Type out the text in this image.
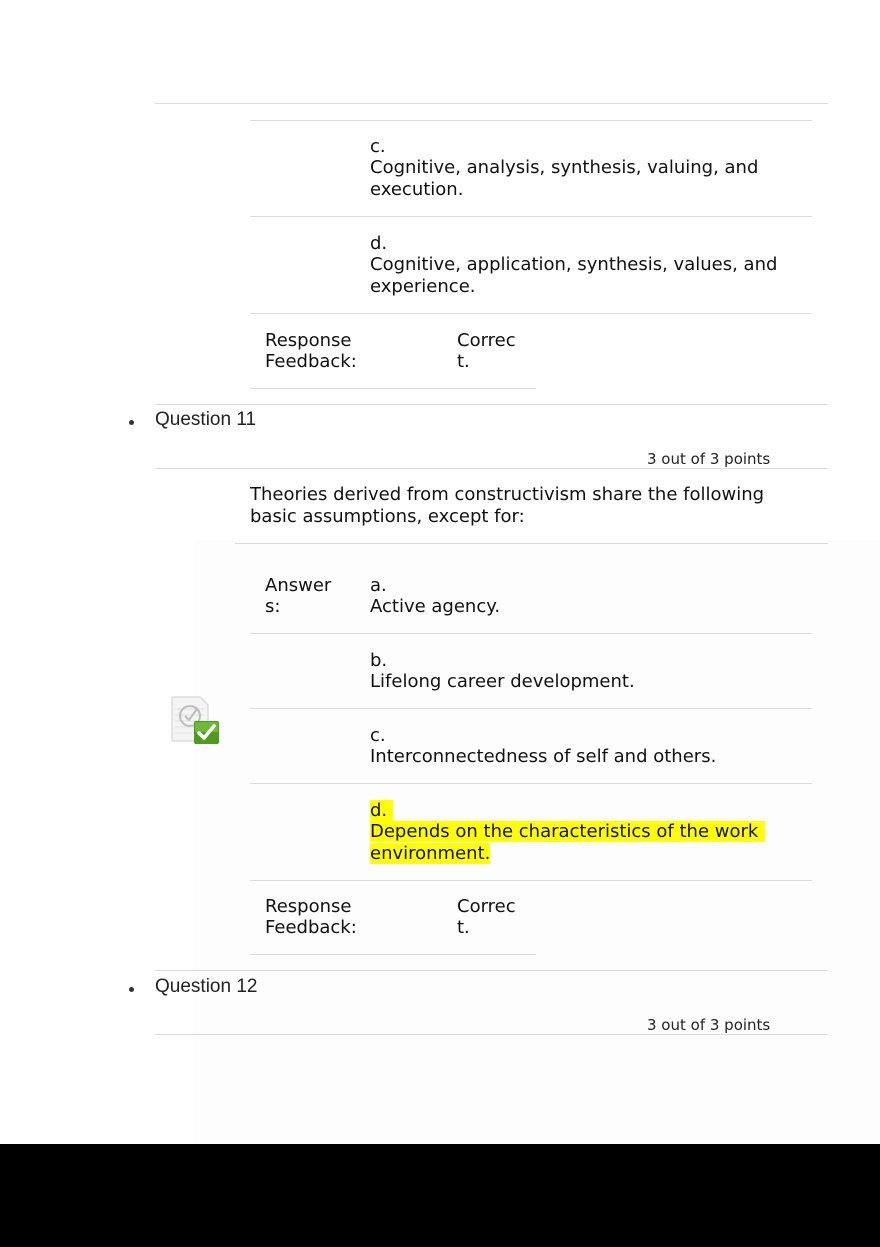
c.
Cognitive, analysis, synthesis, valuing, and
execution.
d.
Cognitive, application, synthesis, values, and
experience.
Response
Feedback:
Correc
t.
Question 11
3 out of 3 points
Theories derived from constructivism share the following
basic assumptions, except for:
Answer
s:
a.
Active agency.
b.
Lifelong career development.
c.
Interconnectedness of self and others.
d.
Depends on the characteristics of the work
environment.
Response
Feedback:
Correc
t.
Question 12
3 out of 3 points
